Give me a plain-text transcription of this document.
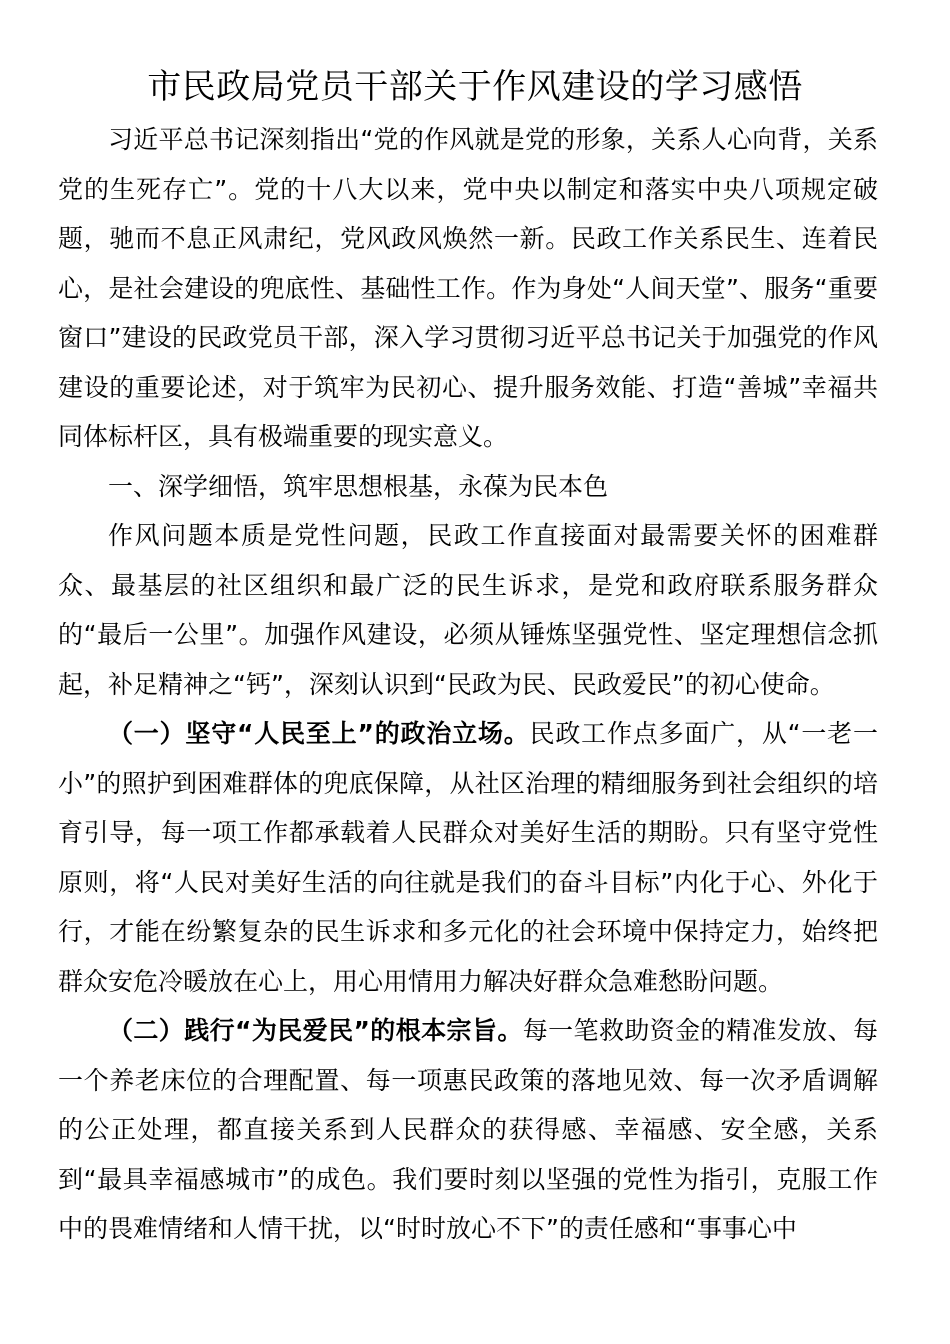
市民政局党员干部关于作风建设的学习感悟

习近平总书记深刻指出“党的作风就是党的形象，关系人心向背，关系党的生死存亡”。党的十八大以来，党中央以制定和落实中央八项规定破题，驰而不息正风肃纪，党风政风焕然一新。民政工作关系民生、连着民心，是社会建设的兜底性、基础性工作。作为身处“人间天堂”、服务“重要窗口”建设的民政党员干部，深入学习贯彻习近平总书记关于加强党的作风建设的重要论述，对于筑牢为民初心、提升服务效能、打造“善城”幸福共同体标杆区，具有极端重要的现实意义。

一、深学细悟，筑牢思想根基，永葆为民本色

作风问题本质是党性问题，民政工作直接面对最需要关怀的困难群众、最基层的社区组织和最广泛的民生诉求，是党和政府联系服务群众的“最后一公里”。加强作风建设，必须从锤炼坚强党性、坚定理想信念抓起，补足精神之“钙”，深刻认识到“民政为民、民政爱民”的初心使命。

（一）坚守“人民至上”的政治立场。民政工作点多面广，从“一老一小”的照护到困难群体的兜底保障，从社区治理的精细服务到社会组织的培育引导，每一项工作都承载着人民群众对美好生活的期盼。只有坚守党性原则，将“人民对美好生活的向往就是我们的奋斗目标”内化于心、外化于行，才能在纷繁复杂的民生诉求和多元化的社会环境中保持定力，始终把群众安危冷暖放在心上，用心用情用力解决好群众急难愁盼问题。

（二）践行“为民爱民”的根本宗旨。每一笔救助资金的精准发放、每一个养老床位的合理配置、每一项惠民政策的落地见效、每一次矛盾调解的公正处理，都直接关系到人民群众的获得感、幸福感、安全感，关系到“最具幸福感城市”的成色。我们要时刻以坚强的党性为指引，克服工作中的畏难情绪和人情干扰，以“时时放心不下”的责任感和“事事心中
